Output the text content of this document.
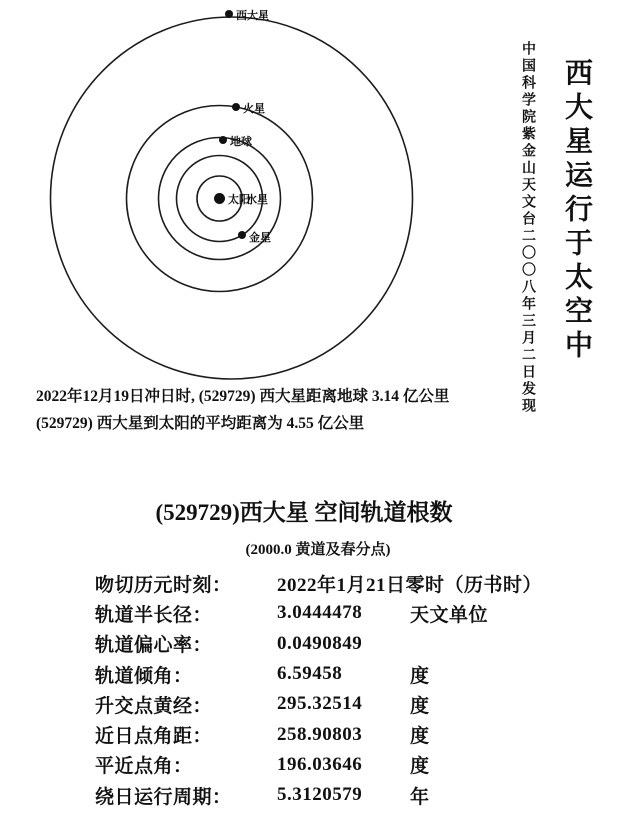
西大星
火星
地球
太阳
水星
金星	中国科学院紫金山天文台二〇〇八年三月二日发现 西大星运行于太空中
2022年12月19日冲日时, (529729) 西大星距离地球 3.14 亿公里
(529729) 西大星到太阳的平均距离为 4.55 亿公里
(529729)西大星 空间轨道根数
(2000.0 黄道及春分点)
吻切历元时刻：	2022年1月21日零时（历书时）
轨道半长径：	3.0444478	天文单位
轨道偏心率：	0.0490849
轨道倾角：	6.59458	度
升交点黄经：	295.32514	度
近日点角距：	258.90803	度
平近点角：	196.03646	度
绕日运行周期：	5.3120579	年
